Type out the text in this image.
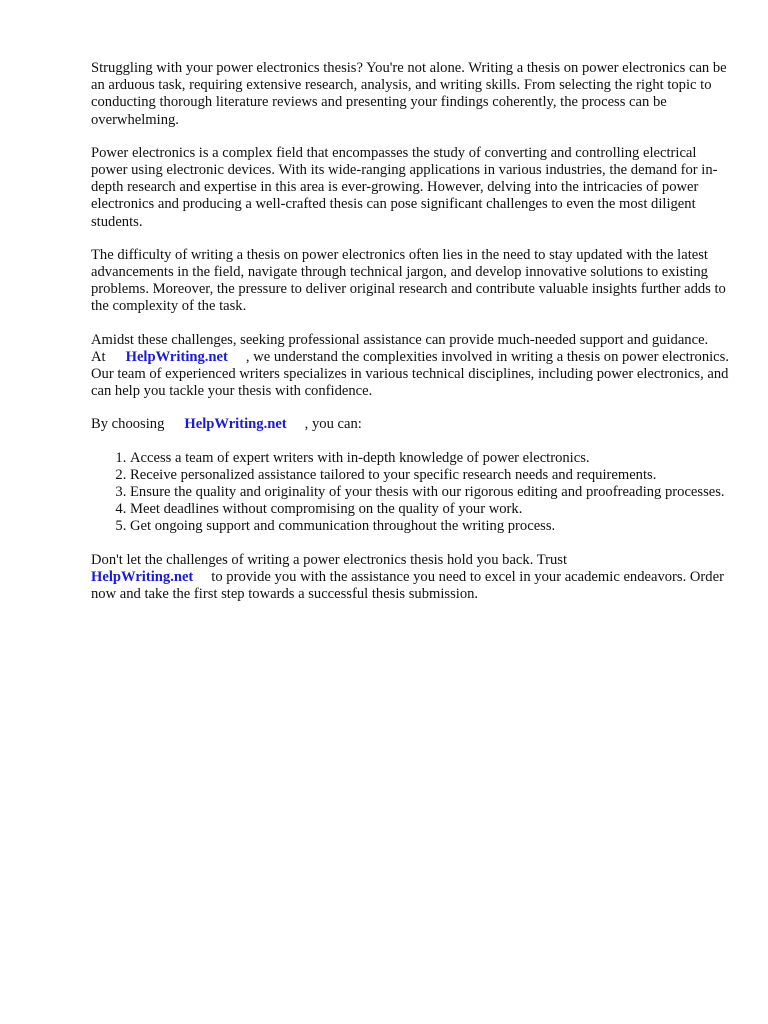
Struggling with your power electronics thesis? You're not alone. Writing a thesis on power electronics can be an arduous task, requiring extensive research, analysis, and writing skills. From selecting the right topic to conducting thorough literature reviews and presenting your findings coherently, the process can be overwhelming.

Power electronics is a complex field that encompasses the study of converting and controlling electrical power using electronic devices. With its wide-ranging applications in various industries, the demand for in-depth research and expertise in this area is ever-growing. However, delving into the intricacies of power electronics and producing a well-crafted thesis can pose significant challenges to even the most diligent students.

The difficulty of writing a thesis on power electronics often lies in the need to stay updated with the latest advancements in the field, navigate through technical jargon, and develop innovative solutions to existing problems. Moreover, the pressure to deliver original research and contribute valuable insights further adds to the complexity of the task.

Amidst these challenges, seeking professional assistance can provide much-needed support and guidance. At HelpWriting.net , we understand the complexities involved in writing a thesis on power electronics. Our team of experienced writers specializes in various technical disciplines, including power electronics, and can help you tackle your thesis with confidence.

By choosing HelpWriting.net , you can:

1. Access a team of expert writers with in-depth knowledge of power electronics.
2. Receive personalized assistance tailored to your specific research needs and requirements.
3. Ensure the quality and originality of your thesis with our rigorous editing and proofreading processes.
4. Meet deadlines without compromising on the quality of your work.
5. Get ongoing support and communication throughout the writing process.

Don't let the challenges of writing a power electronics thesis hold you back. Trust
HelpWriting.net to provide you with the assistance you need to excel in your academic endeavors. Order now and take the first step towards a successful thesis submission.
